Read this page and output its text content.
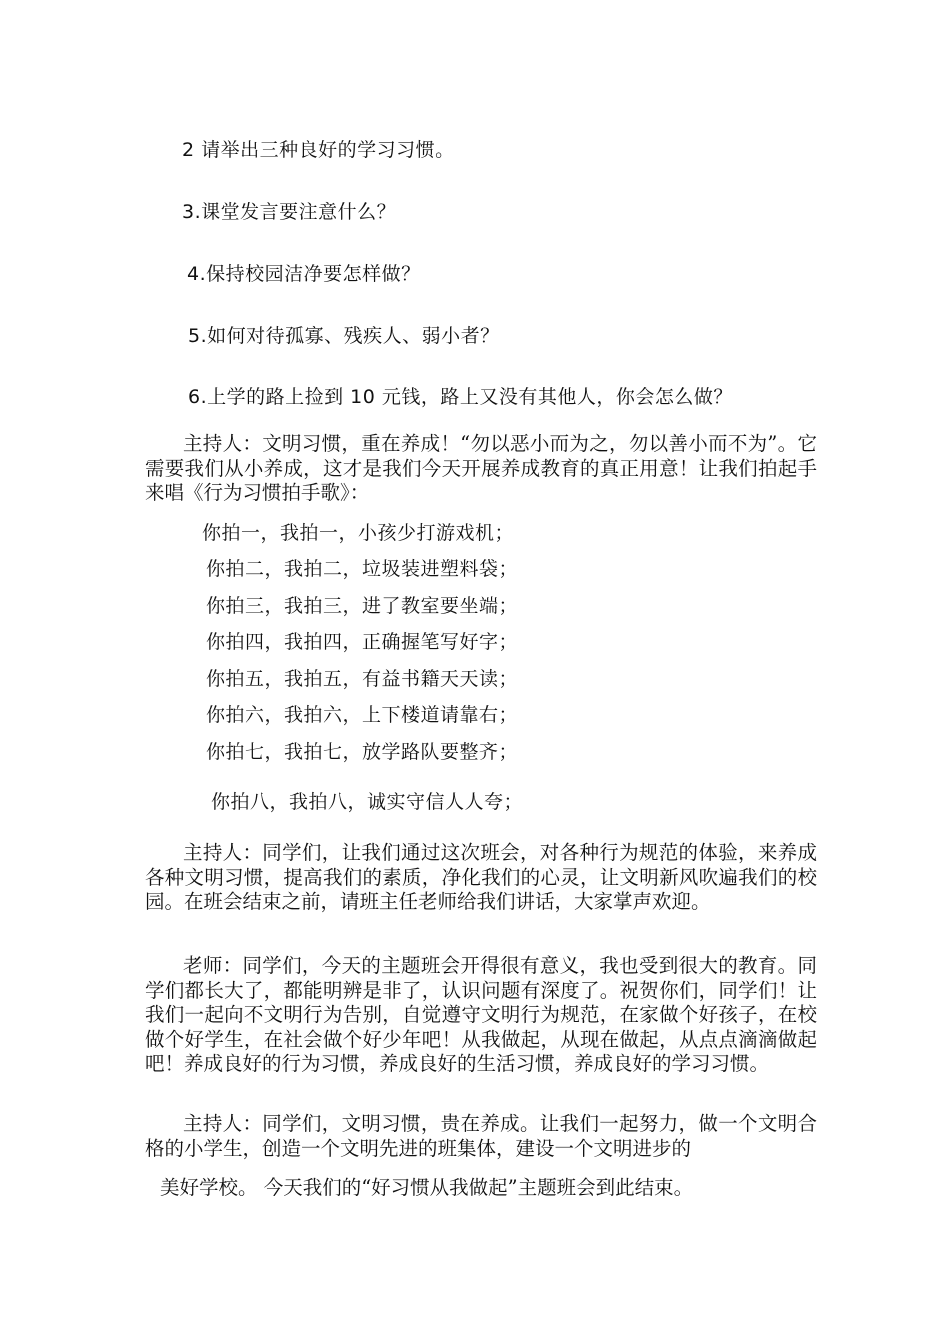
2 请举出三种良好的学习习惯。
3.课堂发言要注意什么？
4.保持校园洁净要怎样做？
5.如何对待孤寡、残疾人、弱小者？
6.上学的路上捡到 10 元钱，路上又没有其他人，你会怎么做？
主持人：文明习惯，重在养成！“勿以恶小而为之，勿以善小而不为”。它需要我们从小养成，这才是我们今天开展养成教育的真正用意！让我们拍起手来唱《行为习惯拍手歌》：
你拍一，我拍一，小孩少打游戏机；
你拍二，我拍二，垃圾装进塑料袋；
你拍三，我拍三，进了教室要坐端；
你拍四，我拍四，正确握笔写好字；
你拍五，我拍五，有益书籍天天读；
你拍六，我拍六，上下楼道请靠右；
你拍七，我拍七，放学路队要整齐；
你拍八，我拍八，诚实守信人人夸；
主持人：同学们，让我们通过这次班会，对各种行为规范的体验，来养成各种文明习惯，提高我们的素质，净化我们的心灵，让文明新风吹遍我们的校园。在班会结束之前，请班主任老师给我们讲话，大家掌声欢迎。
老师：同学们，今天的主题班会开得很有意义，我也受到很大的教育。同学们都长大了，都能明辨是非了，认识问题有深度了。祝贺你们，同学们！让我们一起向不文明行为告别，自觉遵守文明行为规范，在家做个好孩子，在校做个好学生，在社会做个好少年吧！从我做起，从现在做起，从点点滴滴做起吧！养成良好的行为习惯，养成良好的生活习惯，养成良好的学习习惯。
主持人：同学们，文明习惯，贵在养成。让我们一起努力，做一个文明合格的小学生，创造一个文明先进的班集体，建设一个文明进步的
美好学校。 今天我们的“好习惯从我做起”主题班会到此结束。
